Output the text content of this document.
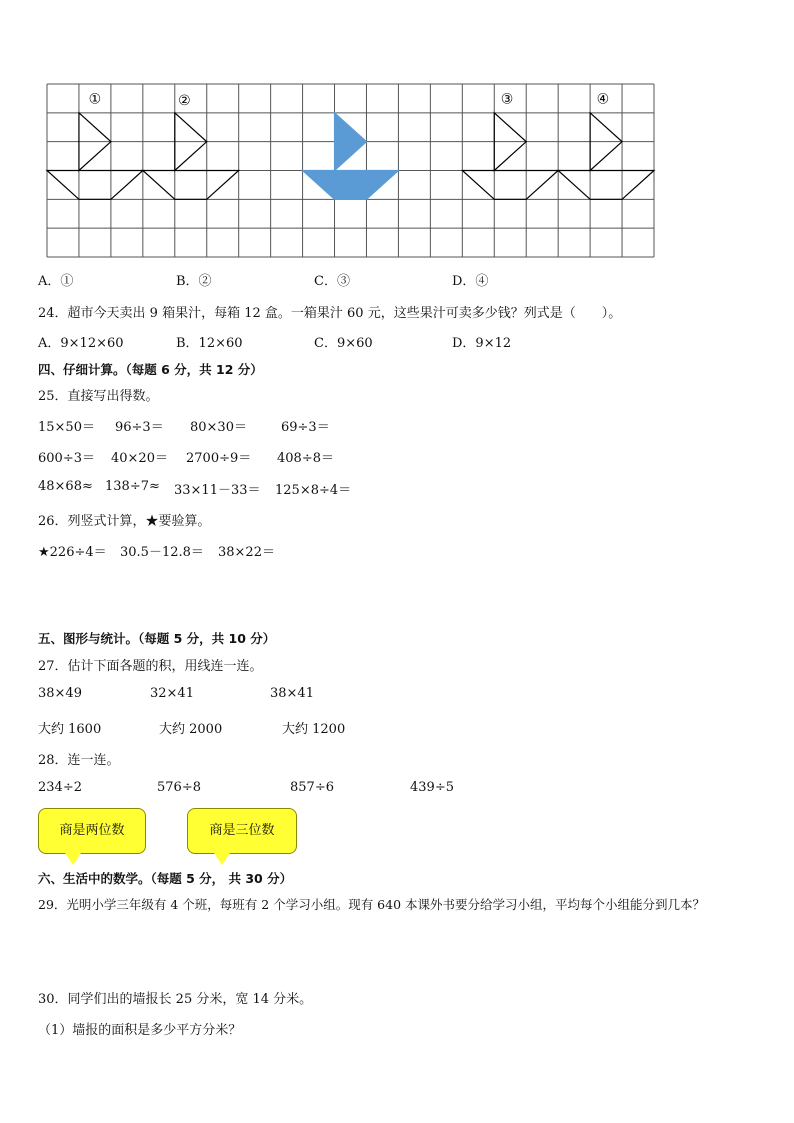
①	②	③	④
A．①	B．②	C．③	D．④
24．超市今天卖出 9 箱果汁，每箱 12 盒。一箱果汁 60 元，这些果汁可卖多少钱？列式是（　　）。
A．9×12×60	B．12×60	C．9×60	D．9×12
四、仔细计算。（每题 6 分，共 12 分）
25．直接写出得数。
15×50＝ 96÷3＝ 80×30＝	69÷3＝
600÷3＝ 40×20＝ 2700÷9＝ 408÷8＝
48×68≈ 138÷7≈ 33×11－33＝ 125×8÷4＝
26．列竖式计算，★要验算。
★226÷4＝ 30.5－12.8＝ 38×22＝
五、图形与统计。（每题 5 分，共 10 分）
27．估计下面各题的积，用线连一连。
38×49	32×41	38×41
大约 1600	大约 2000	大约 1200
28．连一连。
234÷2	576÷8	857÷6	439÷5
商是两位数	商是三位数
六、生活中的数学。（每题 5 分， 共 30 分）
29．光明小学三年级有 4 个班，每班有 2 个学习小组。现有 640 本课外书要分给学习小组，平均每个小组能分到几本？
30．同学们出的墙报长 25 分米，宽 14 分米。
（1）墙报的面积是多少平方分米？
